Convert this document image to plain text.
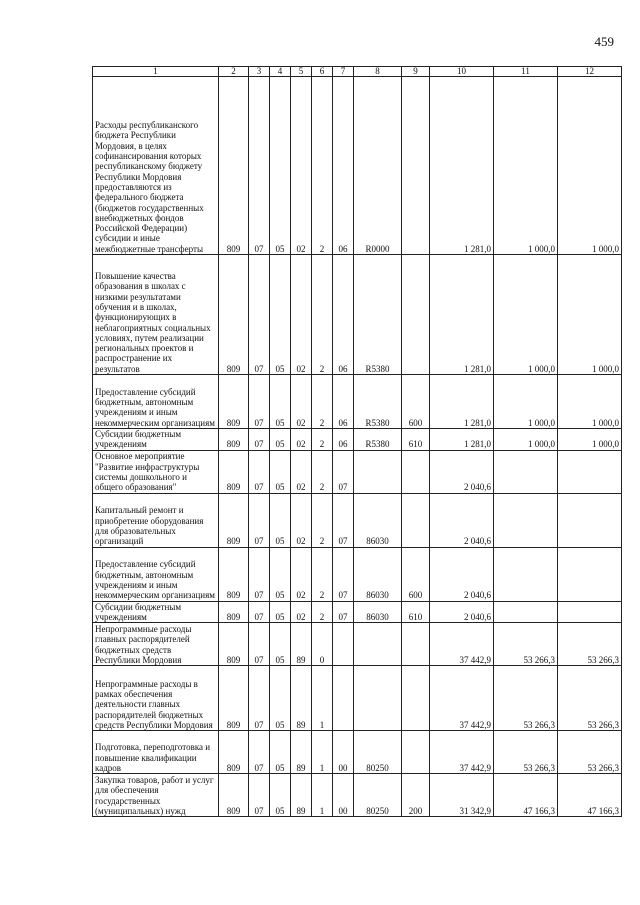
459
1	2	3	4	5	6	7	8	9	10	11	12
Расходы республиканского бюджета Республики Мордовия, в целях софинансирования которых республиканскому бюджету Республики Мордовия предоставляются из федерального бюджета (бюджетов государственных внебюджетных фондов Российской Федерации) субсидии и иные межбюджетные трансферты	809	07	05	02	2	06	R0000		1 281,0	1 000,0	1 000,0
Повышение качества образования в школах с низкими результатами обучения и в школах, функционирующих в неблагоприятных социальных условиях, путем реализации региональных проектов и распространение их результатов	809	07	05	02	2	06	R5380		1 281,0	1 000,0	1 000,0
Предоставление субсидий бюджетным, автономным учреждениям и иным некоммерческим организациям	809	07	05	02	2	06	R5380	600	1 281,0	1 000,0	1 000,0
Субсидии бюджетным учреждениям	809	07	05	02	2	06	R5380	610	1 281,0	1 000,0	1 000,0
Основное мероприятие "Развитие инфраструктуры системы дошкольного и общего образования"	809	07	05	02	2	07			2 040,6		
Капитальный ремонт и приобретение оборудования для образовательных организаций	809	07	05	02	2	07	86030		2 040,6		
Предоставление субсидий бюджетным, автономным учреждениям и иным некоммерческим организациям	809	07	05	02	2	07	86030	600	2 040,6		
Субсидии бюджетным учреждениям	809	07	05	02	2	07	86030	610	2 040,6		
Непрограммные расходы главных распорядителей бюджетных средств Республики Мордовия	809	07	05	89	0				37 442,9	53 266,3	53 266,3
Непрограммные расходы в рамках обеспечения деятельности главных распорядителей бюджетных средств Республики Мордовия	809	07	05	89	1				37 442,9	53 266,3	53 266,3
Подготовка, переподготовка и повышение квалификации кадров	809	07	05	89	1	00	80250		37 442,9	53 266,3	53 266,3
Закупка товаров, работ и услуг для обеспечения государственных (муниципальных) нужд	809	07	05	89	1	00	80250	200	31 342,9	47 166,3	47 166,3
